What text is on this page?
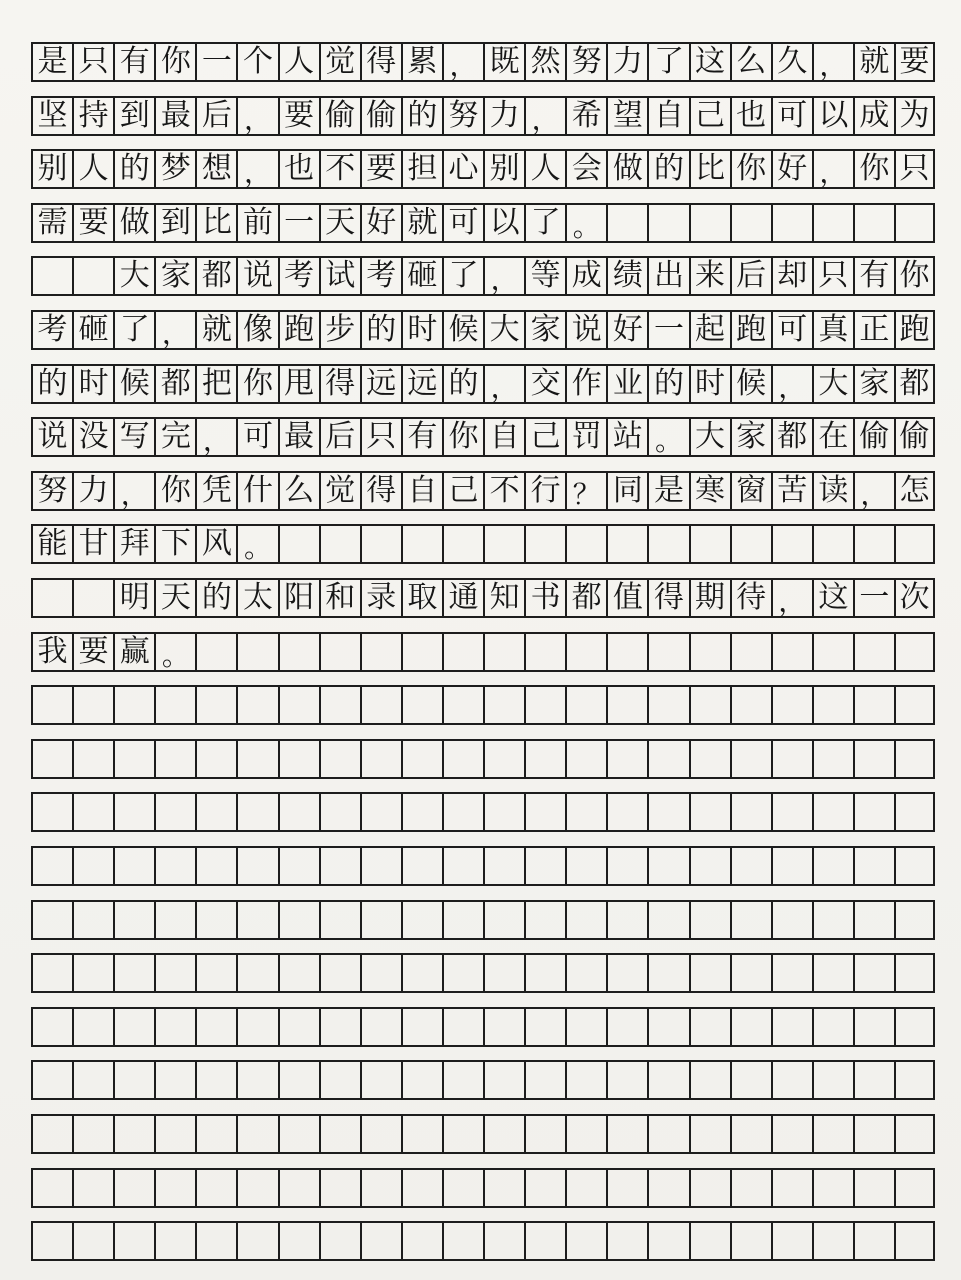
是 只 有 你 一 个 人 觉 得 累 ， 既 然 努 力 了 这 么 久 ， 就 要
坚 持 到 最 后 ， 要 偷 偷 的 努 力 ， 希 望 自 己 也 可 以 成 为
别 人 的 梦 想 ， 也 不 要 担 心 别 人 会 做 的 比 你 好 ， 你 只
需 要 做 到 比 前 一 天 好 就 可 以 了 。
大 家 都 说 考 试 考 砸 了 ， 等 成 绩 出 来 后 却 只 有 你
考 砸 了 ， 就 像 跑 步 的 时 候 大 家 说 好 一 起 跑 可 真 正 跑
的 时 候 都 把 你 甩 得 远 远 的 ， 交 作 业 的 时 候 ， 大 家 都
说 没 写 完 ， 可 最 后 只 有 你 自 己 罚 站 。 大 家 都 在 偷 偷
努 力 ， 你 凭 什 么 觉 得 自 己 不 行 ？ 同 是 寒 窗 苦 读 ， 怎
能 甘 拜 下 风 。
明 天 的 太 阳 和 录 取 通 知 书 都 值 得 期 待 ， 这 一 次
我 要 赢 。
